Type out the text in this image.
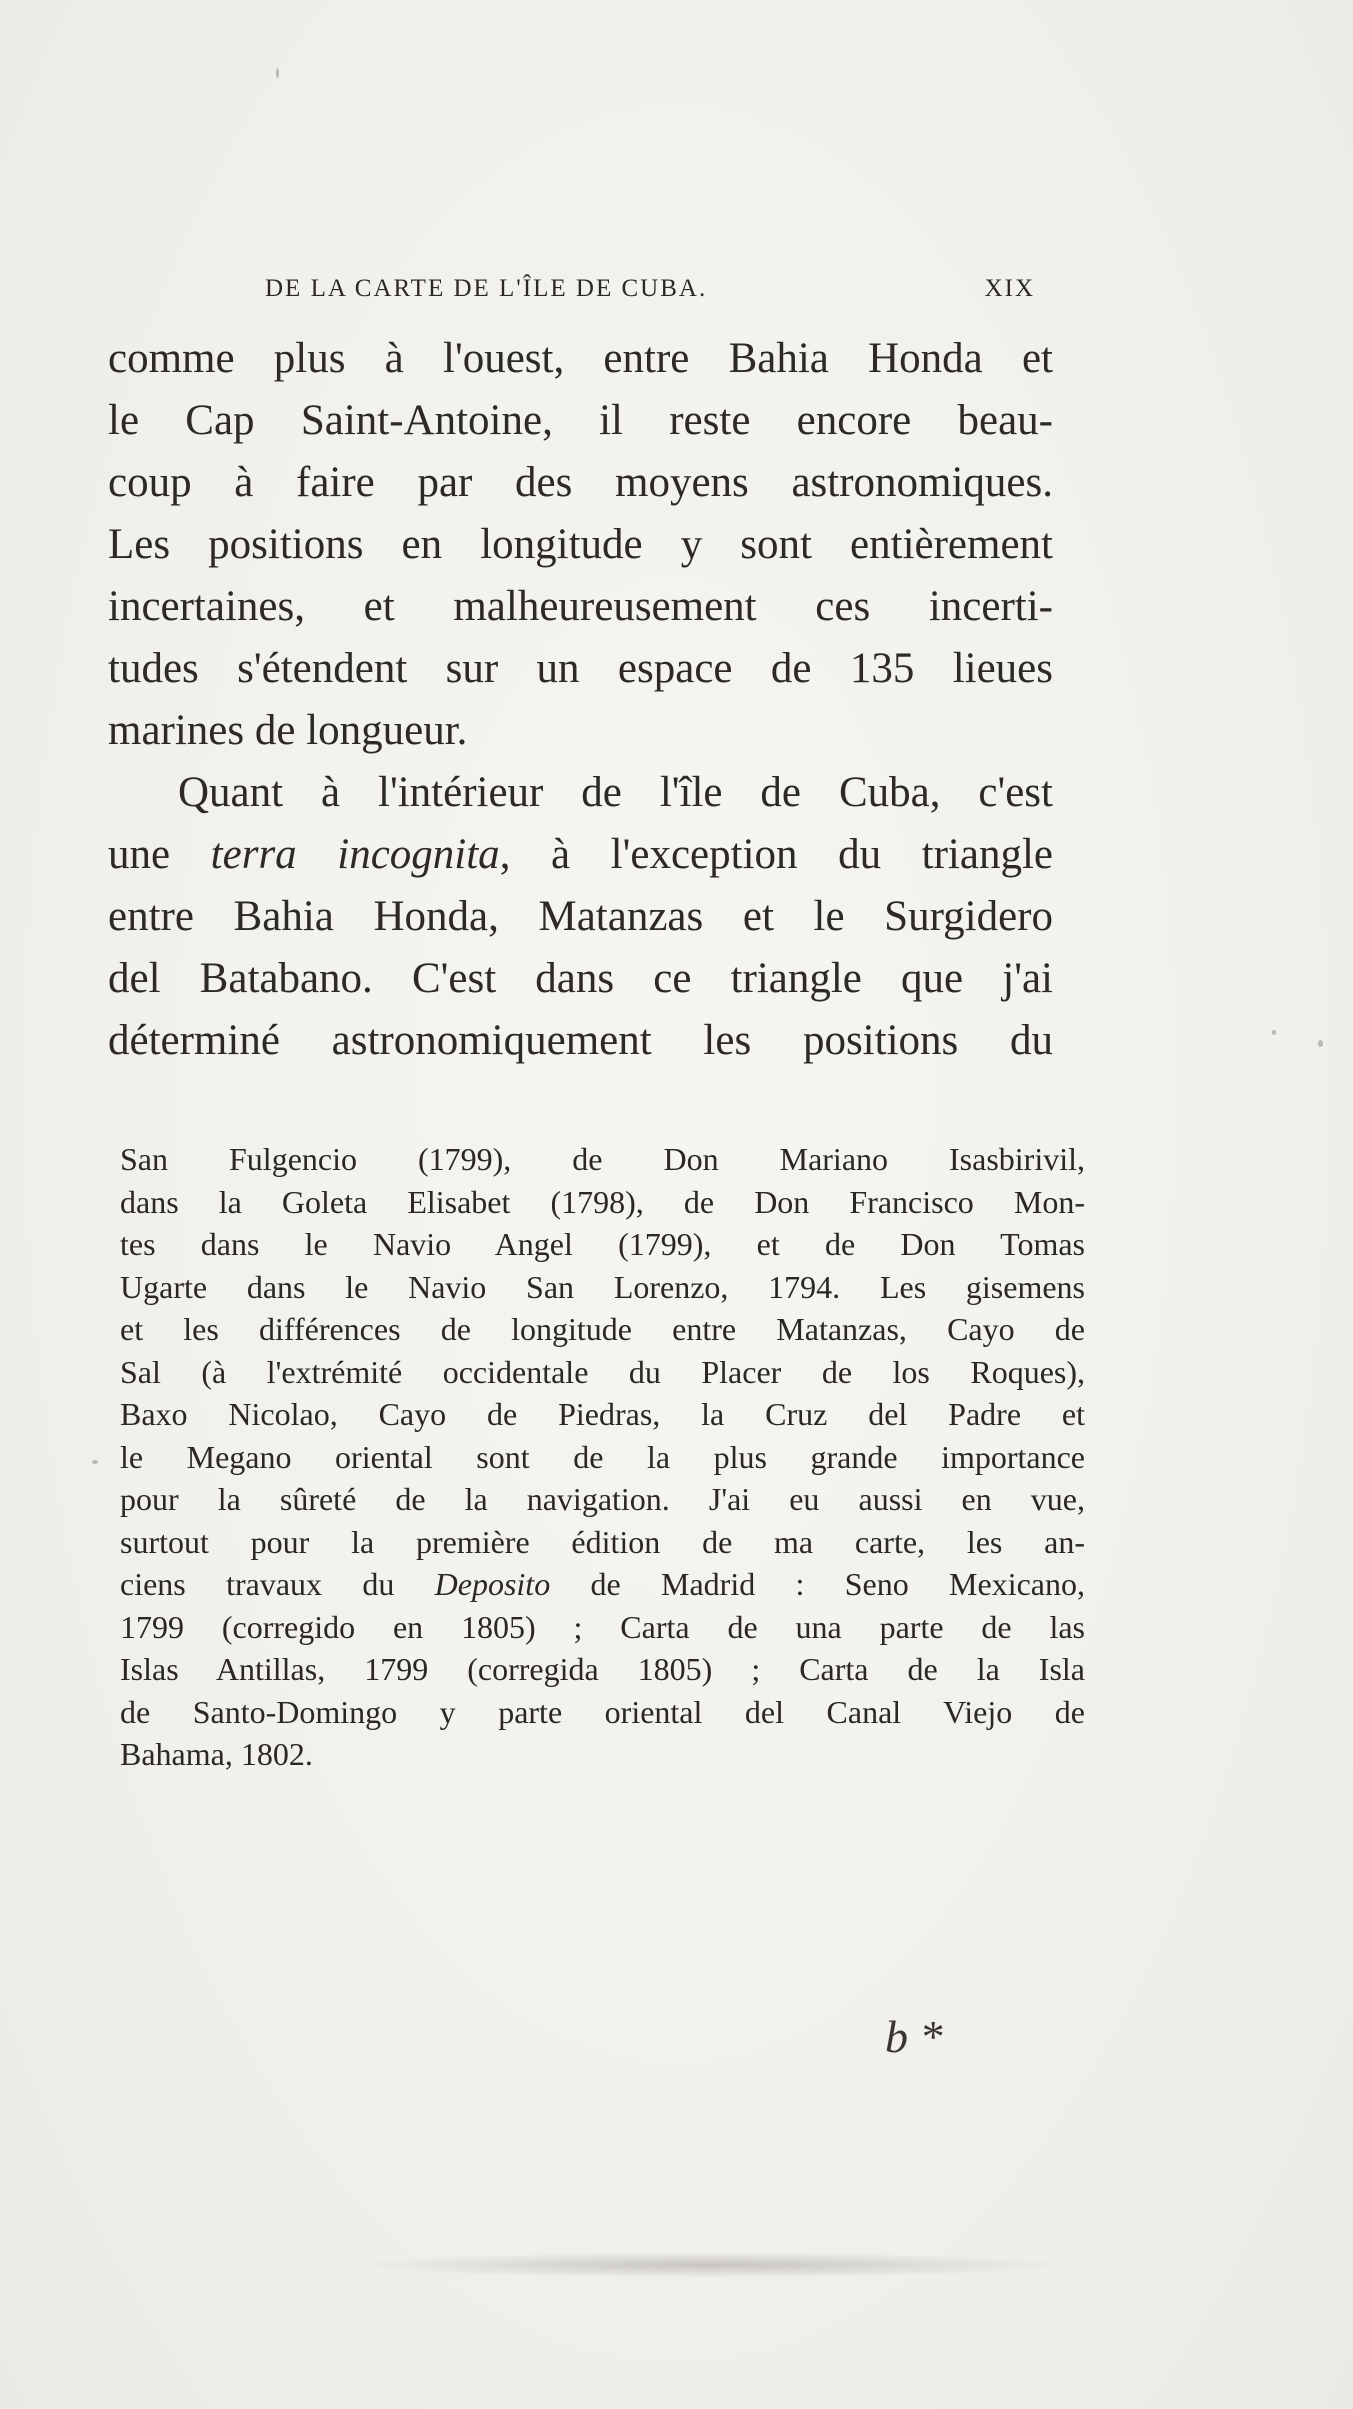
DE LA CARTE DE L'ÎLE DE CUBA.	XIX
comme plus à l'ouest, entre Bahia Honda et
le Cap Saint-Antoine, il reste encore beau-
coup à faire par des moyens astronomiques.
Les positions en longitude y sont entièrement
incertaines, et malheureusement ces incerti-
tudes s'étendent sur un espace de 135 lieues
marines de longueur.
Quant à l'intérieur de l'île de Cuba, c'est
une terra incognita, à l'exception du triangle
entre Bahia Honda, Matanzas et le Surgidero
del Batabano. C'est dans ce triangle que j'ai
déterminé astronomiquement les positions du
San Fulgencio (1799), de Don Mariano Isasbirivil,
dans la Goleta Elisabet (1798), de Don Francisco Mon-
tes dans le Navio Angel (1799), et de Don Tomas
Ugarte dans le Navio San Lorenzo, 1794. Les gisemens
et les différences de longitude entre Matanzas, Cayo de
Sal (à l'extrémité occidentale du Placer de los Roques),
Baxo Nicolao, Cayo de Piedras, la Cruz del Padre et
le Megano oriental sont de la plus grande importance
pour la sûreté de la navigation. J'ai eu aussi en vue,
surtout pour la première édition de ma carte, les an-
ciens travaux du Deposito de Madrid : Seno Mexicano,
1799 (corregido en 1805) ; Carta de una parte de las
Islas Antillas, 1799 (corregida 1805) ; Carta de la Isla
de Santo-Domingo y parte oriental del Canal Viejo de
Bahama, 1802.
b *
